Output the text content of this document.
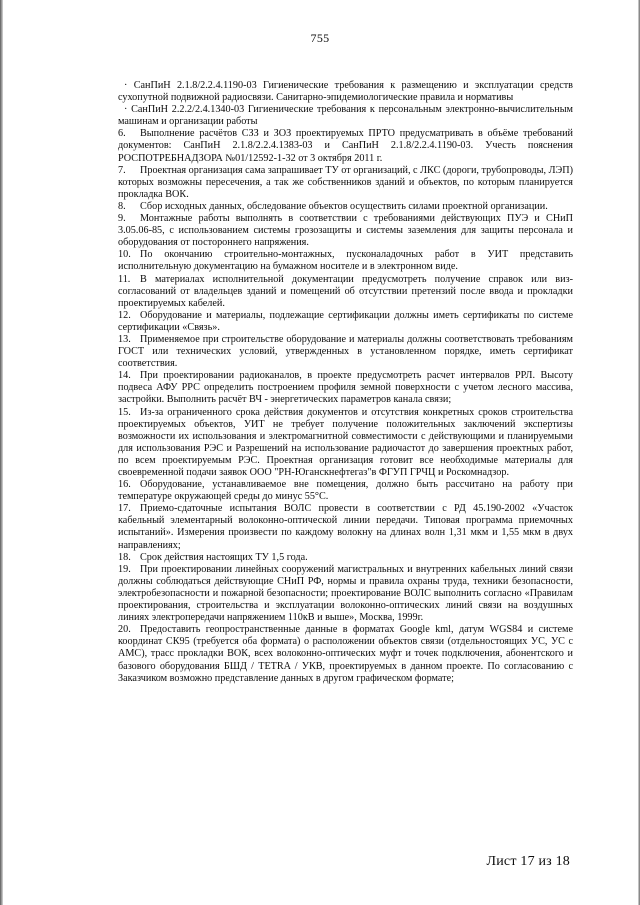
755

· СанПиН 2.1.8/2.2.4.1190-03 Гигиенические требования к размещению и эксплуатации средств сухопутной подвижной радиосвязи. Санитарно-эпидемиологические правила и нормативы

· СанПиН 2.2.2/2.4.1340-03 Гигиенические требования к персональным электронно-вычислительным машинам и организации работы

6. Выполнение расчётов СЗЗ и ЗОЗ проектируемых ПРТО предусматривать в объёме требований документов: СанПиН 2.1.8/2.2.4.1383-03 и СанПиН 2.1.8/2.2.4.1190-03. Учесть пояснения РОСПОТРЕБНАДЗОРА №01/12592-1-32 от 3 октября 2011 г.

7. Проектная организация сама запрашивает ТУ от организаций, с ЛКС (дороги, трубопроводы, ЛЭП) которых возможны пересечения, а так же собственников зданий и объектов, по которым планируется прокладка ВОК.

8. Сбор исходных данных, обследование объектов осуществить силами проектной организации.

9. Монтажные работы выполнять в соответствии с требованиями действующих ПУЭ и СНиП 3.05.06-85, с использованием системы грозозащиты и системы заземления для защиты персонала и оборудования от постороннего напряжения.

10. По окончанию строительно-монтажных, пусконаладочных работ в УИТ представить исполнительную документацию на бумажном носителе и в электронном виде.

11. В материалах исполнительной документации предусмотреть получение справок или виз-согласований от владельцев зданий и помещений об отсутствии претензий после ввода и прокладки проектируемых кабелей.

12. Оборудование и материалы, подлежащие сертификации должны иметь сертификаты по системе сертификации «Связь».

13. Применяемое при строительстве оборудование и материалы должны соответствовать требованиям ГОСТ или технических условий, утвержденных в установленном порядке, иметь сертификат соответствия.

14. При проектировании радиоканалов, в проекте предусмотреть расчет интервалов РРЛ. Высоту подвеса АФУ РРС определить построением профиля земной поверхности с учетом лесного массива, застройки. Выполнить расчёт ВЧ - энергетических параметров канала связи;

15. Из-за ограниченного срока действия документов и отсутствия конкретных сроков строительства проектируемых объектов, УИТ не требует получение положительных заключений экспертизы возможности их использования и электромагнитной совместимости с действующими и планируемыми для использования РЭС и Разрешений на использование радиочастот до завершения проектных работ, по всем проектируемым РЭС. Проектная организация готовит все необходимые материалы для своевременной подачи заявок ООО "РН-Юганскнефтегаз"в ФГУП ГРЧЦ и Роскомнадзор.

16. Оборудование, устанавливаемое вне помещения, должно быть рассчитано на работу при температуре окружающей среды до минус 55°С.

17. Приемо-сдаточные испытания ВОЛС провести в соответствии с РД 45.190-2002 «Участок кабельный элементарный волоконно-оптической линии передачи. Типовая программа приемочных испытаний». Измерения произвести по каждому волокну на длинах волн 1,31 мкм и 1,55 мкм в двух направлениях;

18. Срок действия настоящих ТУ 1,5 года.

19. При проектировании линейных сооружений магистральных и внутренних кабельных линий связи должны соблюдаться действующие СНиП РФ, нормы и правила охраны труда, техники безопасности, электробезопасности и пожарной безопасности; проектирование ВОЛС выполнить согласно «Правилам проектирования, строительства и эксплуатации волоконно-оптических линий связи на воздушных линиях электропередачи напряжением 110кВ и выше», Москва, 1999г.

20. Предоставить геопространственные данные в форматах Google kml, датум WGS84 и системе координат СК95 (требуется оба формата) о расположении объектов связи (отдельностоящих УС, УС с АМС), трасс прокладки ВОК, всех волоконно-оптических муфт и точек подключения, абонентского и базового оборудования БШД / TETRA / УКВ, проектируемых в данном проекте. По согласованию с Заказчиком возможно представление данных в другом графическом формате;

Лист 17 из 18
